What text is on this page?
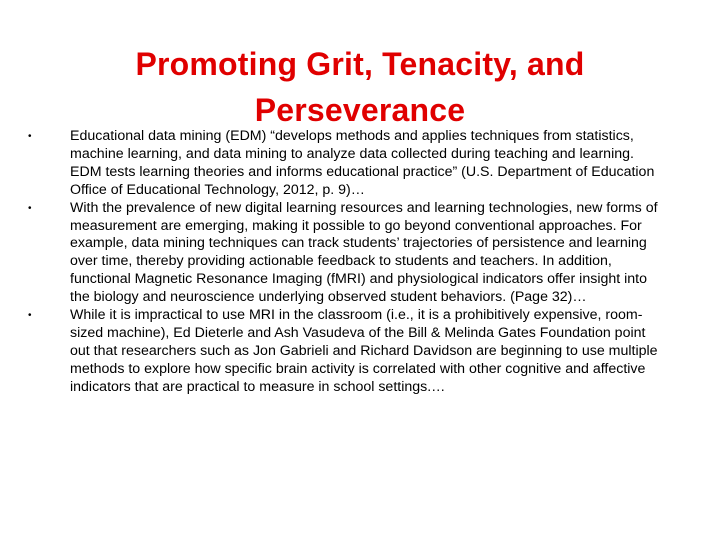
Promoting Grit, Tenacity, and Perseverance
•	Educational data mining (EDM) “develops methods and applies techniques from statistics, machine learning, and data mining to analyze data collected during teaching and learning. EDM tests learning theories and informs educational practice” (U.S. Department of Education Office of Educational Technology, 2012, p. 9)…
•	With the prevalence of new digital learning resources and learning technologies, new forms of measurement are emerging, making it possible to go beyond conventional approaches. For example, data mining techniques can track students’ trajectories of persistence and learning over time, thereby providing actionable feedback to students and teachers. In addition, functional Magnetic Resonance Imaging (fMRI) and physiological indicators offer insight into the biology and neuroscience underlying observed student behaviors. (Page 32)…
•	While it is impractical to use MRI in the classroom (i.e., it is a prohibitively expensive, room-sized machine), Ed Dieterle and Ash Vasudeva of the Bill & Melinda Gates Foundation point out that researchers such as Jon Gabrieli and Richard Davidson are beginning to use multiple methods to explore how specific brain activity is correlated with other cognitive and affective indicators that are practical to measure in school settings.…
